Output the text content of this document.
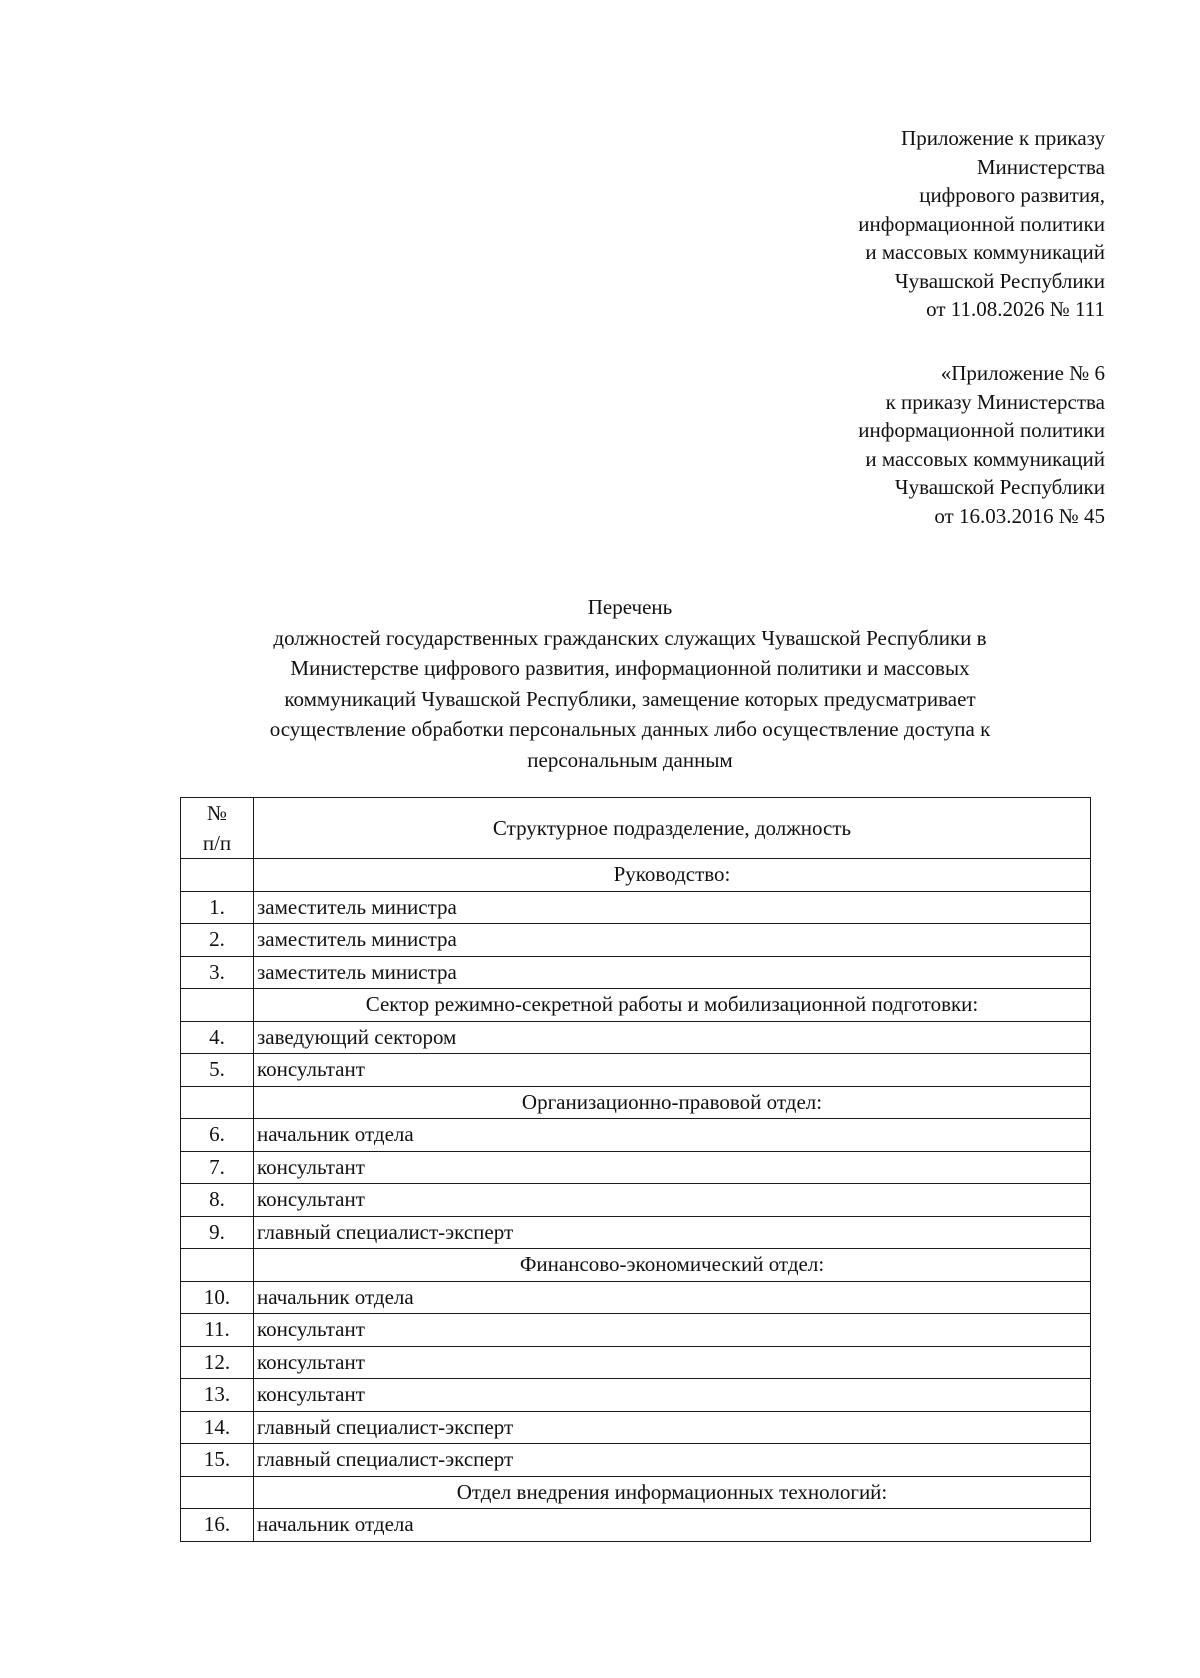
Приложение к приказу
Министерства
цифрового развития,
информационной политики
и массовых коммуникаций
Чувашской Республики
от 11.08.2026 № 111
«Приложение № 6
к приказу Министерства
информационной политики
и массовых коммуникаций
Чувашской Республики
от 16.03.2016 № 45
Перечень
должностей государственных гражданских служащих Чувашской Республики в
Министерстве цифрового развития, информационной политики и массовых
коммуникаций Чувашской Республики, замещение которых предусматривает
осуществление обработки персональных данных либо осуществление доступа к
персональным данным
№
п/п	Структурное подразделение, должность
	Руководство:
1.	заместитель министра
2.	заместитель министра
3.	заместитель министра
	Сектор режимно-секретной работы и мобилизационной подготовки:
4.	заведующий сектором
5.	консультант
	Организационно-правовой отдел:
6.	начальник отдела
7.	консультант
8.	консультант
9.	главный специалист-эксперт
	Финансово-экономический отдел:
10.	начальник отдела
11.	консультант
12.	консультант
13.	консультант
14.	главный специалист-эксперт
15.	главный специалист-эксперт
	Отдел внедрения информационных технологий:
16.	начальник отдела
